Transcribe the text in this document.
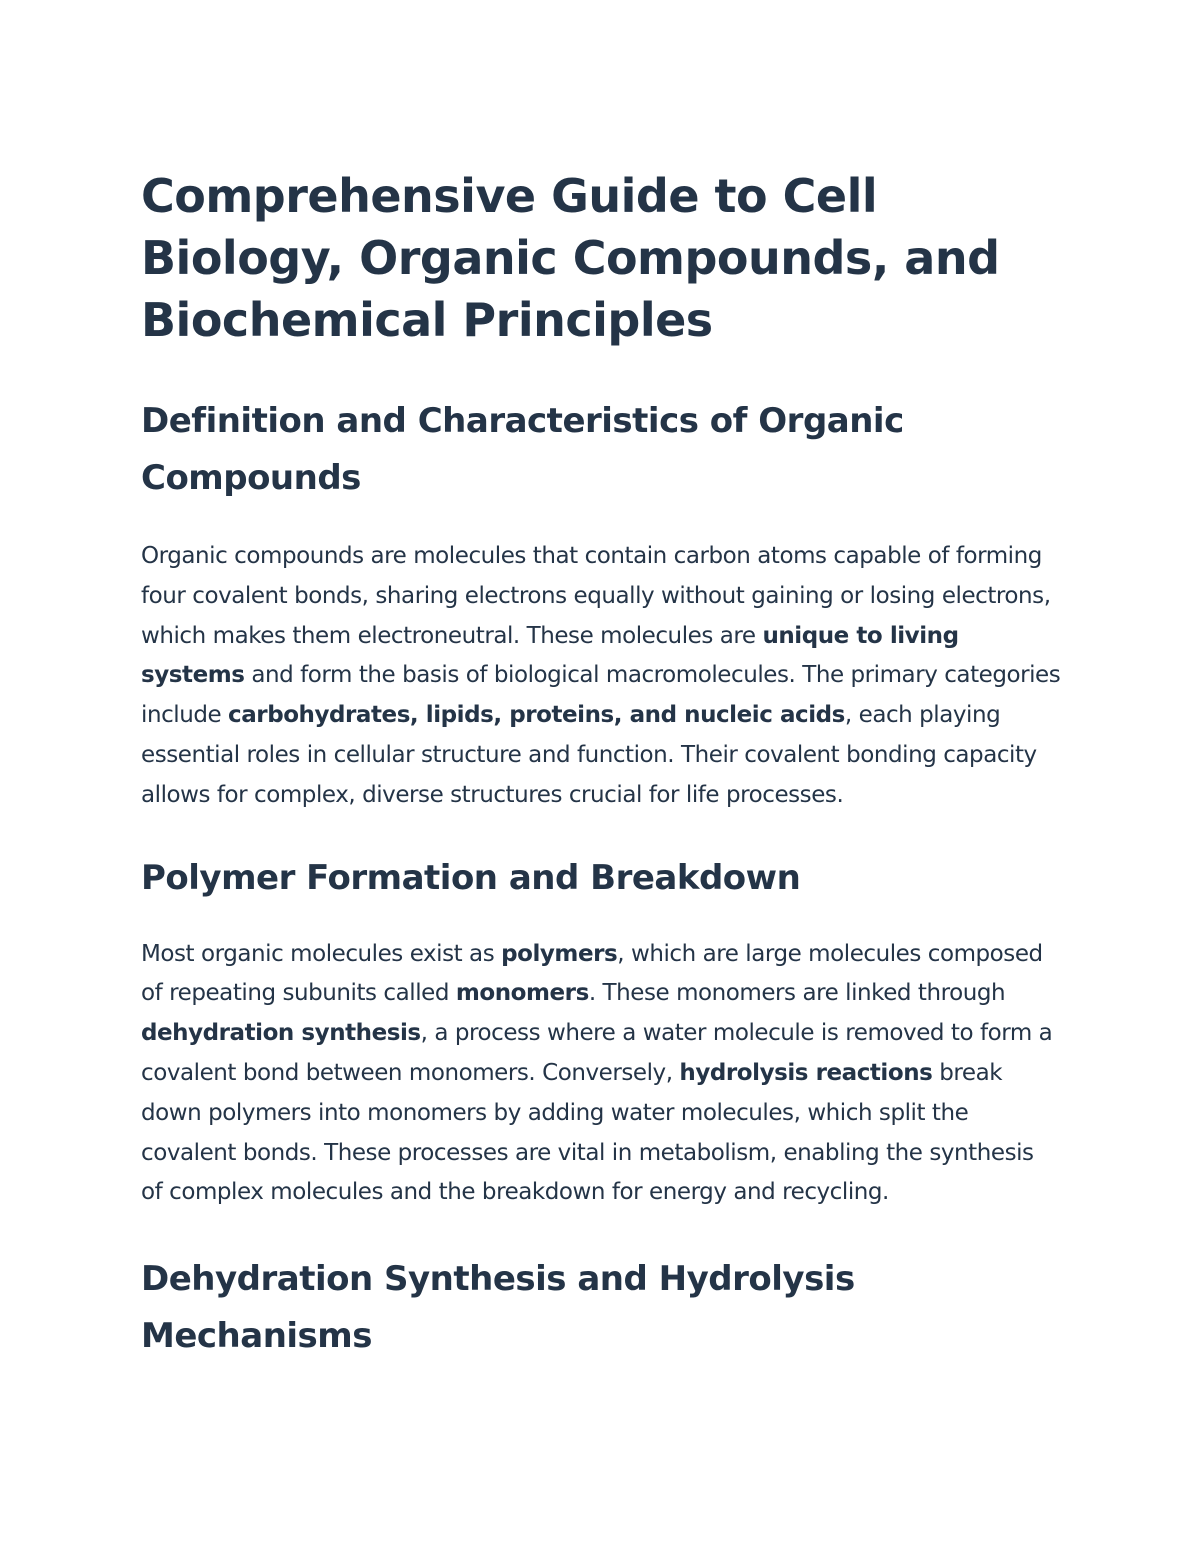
Comprehensive Guide to Cell Biology, Organic Compounds, and Biochemical Principles
Definition and Characteristics of Organic Compounds

Organic compounds are molecules that contain carbon atoms capable of forming four covalent bonds, sharing electrons equally without gaining or losing electrons, which makes them electroneutral. These molecules are unique to living systems and form the basis of biological macromolecules. The primary categories include carbohydrates, lipids, proteins, and nucleic acids, each playing essential roles in cellular structure and function. Their covalent bonding capacity allows for complex, diverse structures crucial for life processes.

Polymer Formation and Breakdown

Most organic molecules exist as polymers, which are large molecules composed of repeating subunits called monomers. These monomers are linked through dehydration synthesis, a process where a water molecule is removed to form a covalent bond between monomers. Conversely, hydrolysis reactions break down polymers into monomers by adding water molecules, which split the covalent bonds. These processes are vital in metabolism, enabling the synthesis of complex molecules and the breakdown for energy and recycling.

Dehydration Synthesis and Hydrolysis Mechanisms
